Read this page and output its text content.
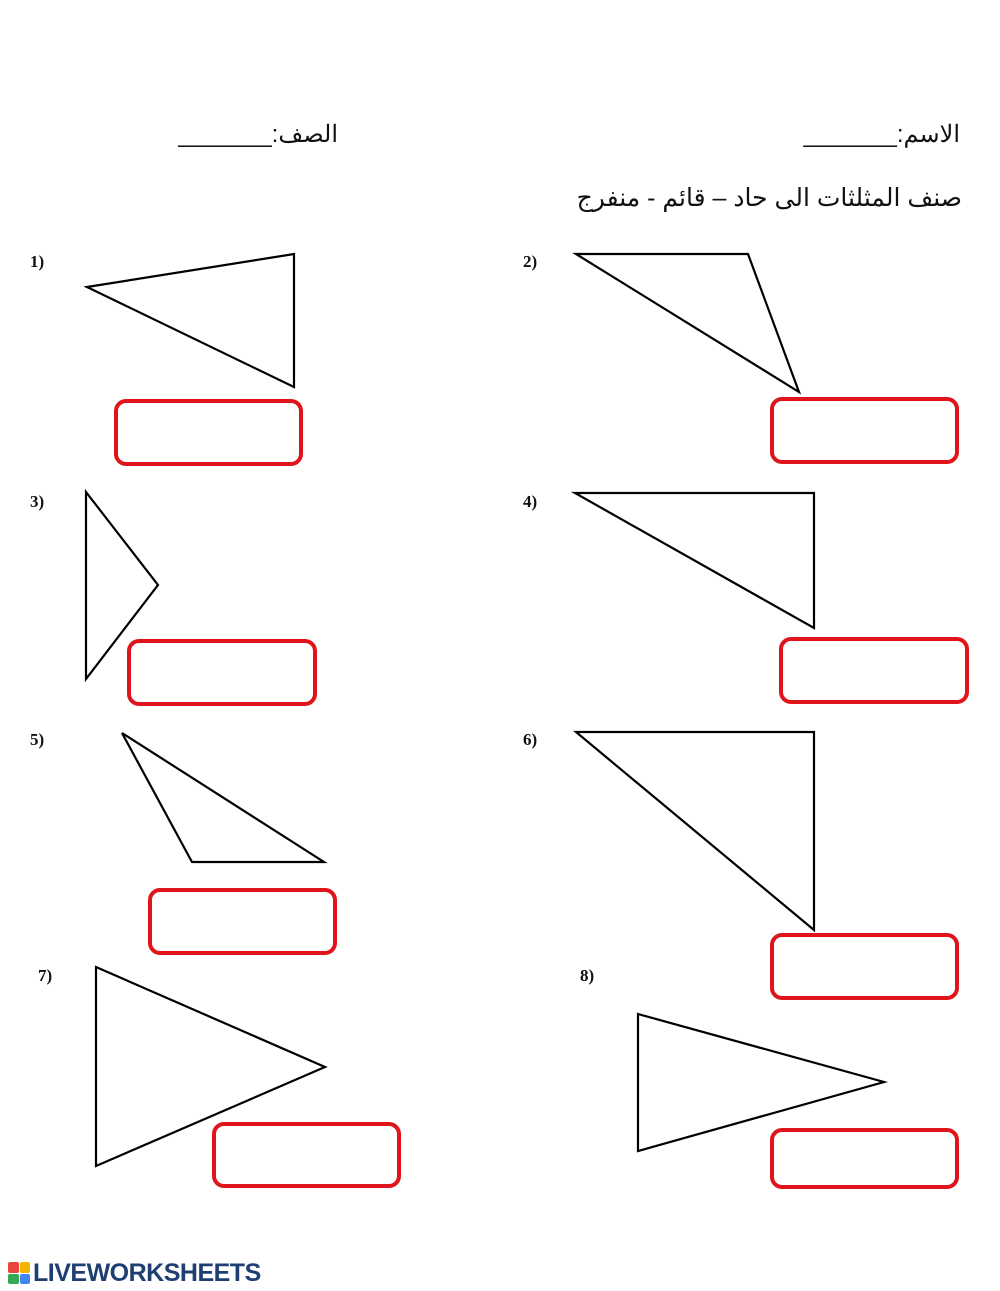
الاسم:_______
الصف:_______
صنف المثلثات الى حاد – قائم - منفرج
1)	2)
3)	4)
5)	6)
7)	8)
LIVEWORKSHEETS
